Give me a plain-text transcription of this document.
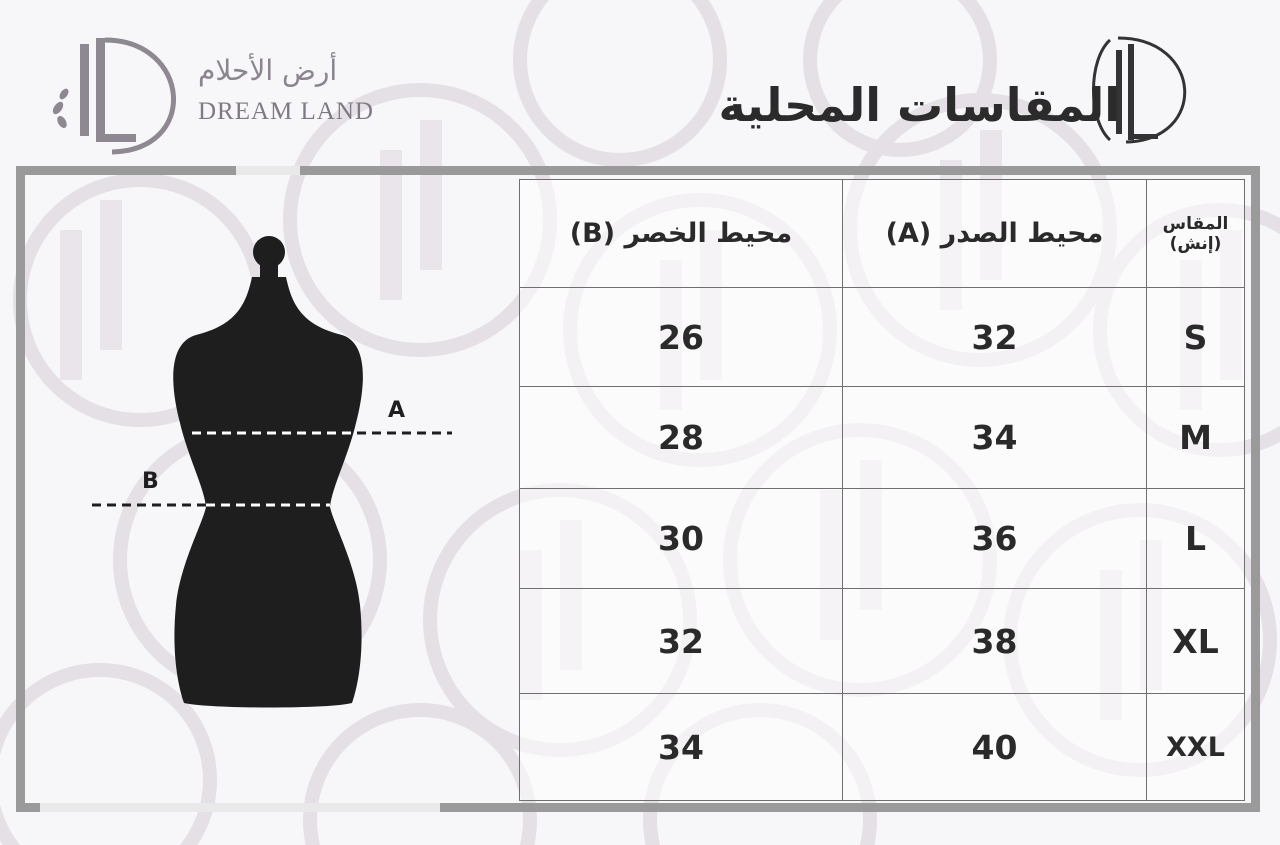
أرض الأحلام
DREAM LAND	المقاسات المحلية
A
B
محيط الخصر (B)	محيط الصدر (A)	المقاس
(إنش)

26	32	S
28	34	M
30	36	L
32	38	XL
34	40	XXL
